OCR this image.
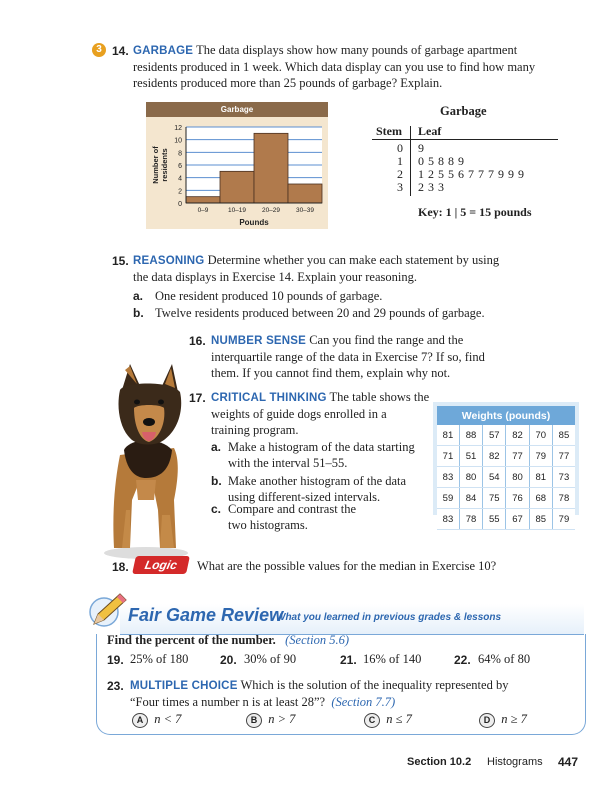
3 14. GARBAGE The data displays show how many pounds of garbage apartment
residents produced in 1 week. Which data display can you use to find how many
residents produced more than 25 pounds of garbage? Explain.
Garbage
0
2
4
6
8
10
12
0–9	10–19 20–29 30–39
Pounds
Number ofresidents
Garbage
Stem Leaf
0 9
1 0 5 8 8 9
2 1 2 5 5 6 7 7 7 9 9 9
3 2 3 3
Key: 1 | 5 = 15 pounds
15. REASONING Determine whether you can make each statement by using
the data displays in Exercise 14. Explain your reasoning.
a. One resident produced 10 pounds of garbage.
b. Twelve residents produced between 20 and 29 pounds of garbage.
16. NUMBER SENSE Can you find the range and the
interquartile range of the data in Exercise 7? If so, find
them. If you cannot find them, explain why not.
17. CRITICAL THINKING The table shows the
weights of guide dogs enrolled in a
training program.
a. Make a histogram of the data starting
with the interval 51–55.
b. Make another histogram of the data
using different-sized intervals.
c. Compare and contrast the
two histograms.
Weights (pounds)					
81	88	57	82	70	85
71	51	82	77	79	77
83	80	54	80	81	73
59	84	75	76	68	78
83	78	55	67	85	79
18.	Logic	What are the possible values for the median in Exercise 10?
Fair Game Review
What you learned in previous grades & lessons
Find the percent of the number. (Section 5.6)
19. 25% of 180	20. 30% of 90	21. 16% of 140	22. 64% of 80
23. MULTIPLE CHOICE Which is the solution of the inequality represented by
“Four times a number n is at least 28”? (Section 7.7)
A n < 7	B n > 7	C n ≤ 7	D n ≥ 7
Section 10.2 Histograms 447
